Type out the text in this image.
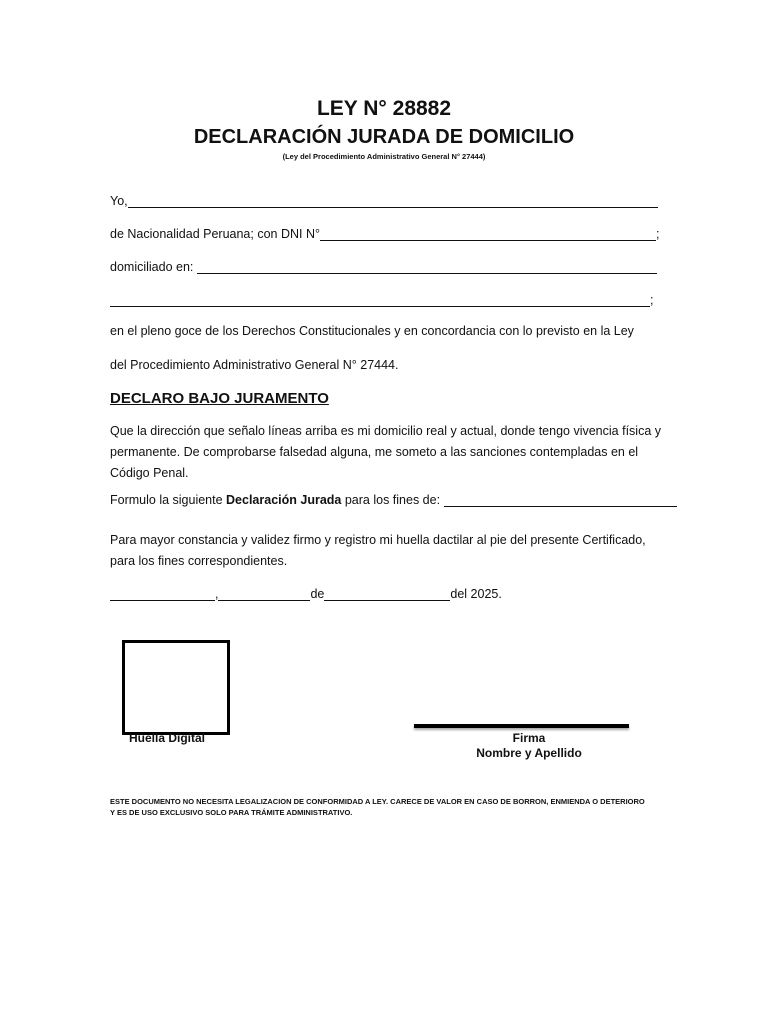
LEY N° 28882
DECLARACIÓN JURADA DE DOMICILIO
(Ley del Procedimiento Administrativo General N° 27444)
Yo,
de Nacionalidad Peruana; con DNI N°	;
domiciliado en:
;
en el pleno goce de los Derechos Constitucionales y en concordancia con lo previsto en la Ley
del Procedimiento Administrativo General N° 27444.
DECLARO BAJO JURAMENTO
Que la dirección que señalo líneas arriba es mi domicilio real y actual, donde tengo vivencia física y permanente. De comprobarse falsedad alguna, me someto a las sanciones contempladas en el Código Penal.
Formulo la siguiente Declaración Jurada para los fines de:
Para mayor constancia y validez firmo y registro mi huella dactilar al pie del presente Certificado, para los fines correspondientes.
,	de	del 2025.
Huella Digital	Firma
Nombre y Apellido
ESTE DOCUMENTO NO NECESITA LEGALIZACION DE CONFORMIDAD A LEY. CARECE DE VALOR EN CASO DE BORRON, ENMIENDA O DETERIORO Y ES DE USO EXCLUSIVO SOLO PARA TRÁMITE ADMINISTRATIVO.
